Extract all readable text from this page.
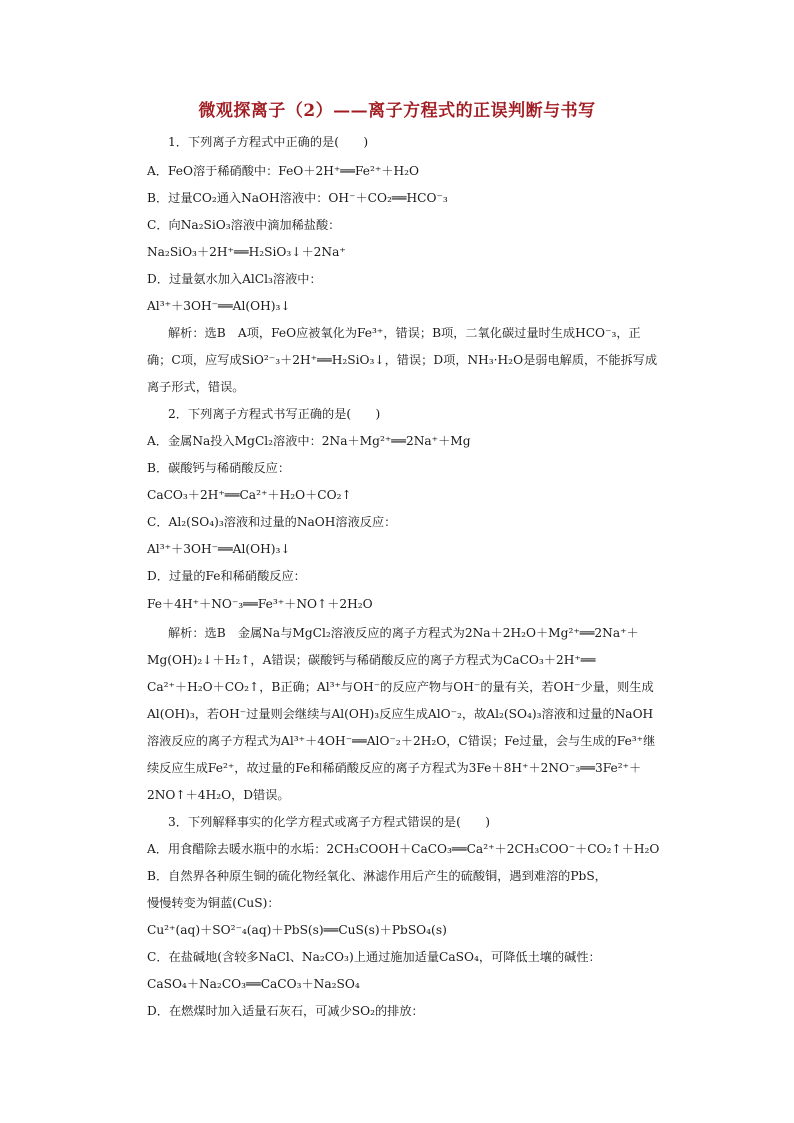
微观探离子（2）——离子方程式的正误判断与书写
1．下列离子方程式中正确的是(　　)
A．FeO溶于稀硝酸中：FeO＋2H⁺══Fe²⁺＋H₂O
B．过量CO₂通入NaOH溶液中：OH⁻＋CO₂══HCO⁻₃
C．向Na₂SiO₃溶液中滴加稀盐酸：
Na₂SiO₃＋2H⁺══H₂SiO₃↓＋2Na⁺
D．过量氨水加入AlCl₃溶液中：
Al³⁺＋3OH⁻══Al(OH)₃↓
解析：选B　A项，FeO应被氧化为Fe³⁺，错误；B项，二氧化碳过量时生成HCO⁻₃，正
确；C项，应写成SiO²⁻₃＋2H⁺══H₂SiO₃↓，错误；D项，NH₃·H₂O是弱电解质，不能拆写成
离子形式，错误。
2．下列离子方程式书写正确的是(　　)
A．金属Na投入MgCl₂溶液中：2Na＋Mg²⁺══2Na⁺＋Mg
B．碳酸钙与稀硝酸反应：
CaCO₃＋2H⁺══Ca²⁺＋H₂O＋CO₂↑
C．Al₂(SO₄)₃溶液和过量的NaOH溶液反应：
Al³⁺＋3OH⁻══Al(OH)₃↓
D．过量的Fe和稀硝酸反应：
Fe＋4H⁺＋NO⁻₃══Fe³⁺＋NO↑＋2H₂O
解析：选B　金属Na与MgCl₂溶液反应的离子方程式为2Na＋2H₂O＋Mg²⁺══2Na⁺＋
Mg(OH)₂↓＋H₂↑，A错误；碳酸钙与稀硝酸反应的离子方程式为CaCO₃＋2H⁺══
Ca²⁺＋H₂O＋CO₂↑，B正确；Al³⁺与OH⁻的反应产物与OH⁻的量有关，若OH⁻少量，则生成
Al(OH)₃，若OH⁻过量则会继续与Al(OH)₃反应生成AlO⁻₂，故Al₂(SO₄)₃溶液和过量的NaOH
溶液反应的离子方程式为Al³⁺＋4OH⁻══AlO⁻₂＋2H₂O，C错误；Fe过量，会与生成的Fe³⁺继
续反应生成Fe²⁺，故过量的Fe和稀硝酸反应的离子方程式为3Fe＋8H⁺＋2NO⁻₃══3Fe²⁺＋
2NO↑＋4H₂O，D错误。
3．下列解释事实的化学方程式或离子方程式错误的是(　　)
A．用食醋除去暖水瓶中的水垢：2CH₃COOH＋CaCO₃══Ca²⁺＋2CH₃COO⁻＋CO₂↑＋H₂O
B．自然界各种原生铜的硫化物经氧化、淋滤作用后产生的硫酸铜，遇到难溶的PbS，
慢慢转变为铜蓝(CuS)：
Cu²⁺(aq)＋SO²⁻₄(aq)＋PbS(s)══CuS(s)＋PbSO₄(s)
C．在盐碱地(含较多NaCl、Na₂CO₃)上通过施加适量CaSO₄，可降低土壤的碱性：
CaSO₄＋Na₂CO₃══CaCO₃＋Na₂SO₄
D．在燃煤时加入适量石灰石，可减少SO₂的排放：
